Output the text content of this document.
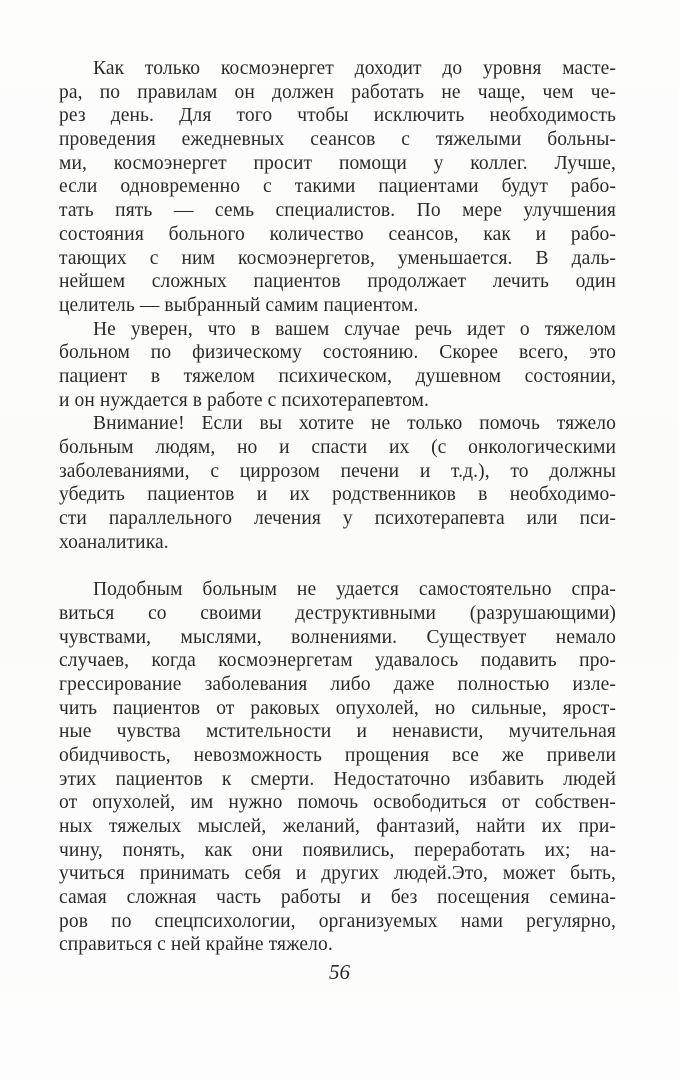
Как только космоэнергет доходит до уровня масте-
ра, по правилам он должен работать не чаще, чем че-
рез день. Для того чтобы исключить необходимость
проведения ежедневных сеансов с тяжелыми больны-
ми, космоэнергет просит помощи у коллег. Лучше,
если одновременно с такими пациентами будут рабо-
тать пять — семь специалистов. По мере улучшения
состояния больного количество сеансов, как и рабо-
тающих с ним космоэнергетов, уменьшается. В даль-
нейшем сложных пациентов продолжает лечить один
целитель — выбранный самим пациентом.
Не уверен, что в вашем случае речь идет о тяжелом
больном по физическому состоянию. Скорее всего, это
пациент в тяжелом психическом, душевном состоянии,
и он нуждается в работе с психотерапевтом.
Внимание! Если вы хотите не только помочь тяжело
больным людям, но и спасти их (с онкологическими
заболеваниями, с циррозом печени и т.д.), то должны
убедить пациентов и их родственников в необходимо-
сти параллельного лечения у психотерапевта или пси-
хоаналитика.
Подобным больным не удается самостоятельно спра-
виться со своими деструктивными (разрушающими)
чувствами, мыслями, волнениями. Существует немало
случаев, когда космоэнергетам удавалось подавить про-
грессирование заболевания либо даже полностью изле-
чить пациентов от раковых опухолей, но сильные, ярост-
ные чувства мстительности и ненависти, мучительная
обидчивость, невозможность прощения все же привели
этих пациентов к смерти. Недостаточно избавить людей
от опухолей, им нужно помочь освободиться от собствен-
ных тяжелых мыслей, желаний, фантазий, найти их при-
чину, понять, как они появились, переработать их; на-
учиться принимать себя и других людей.Это, может быть,
самая сложная часть работы и без посещения семина-
ров по спецпсихологии, организуемых нами регулярно,
справиться с ней крайне тяжело.
56
